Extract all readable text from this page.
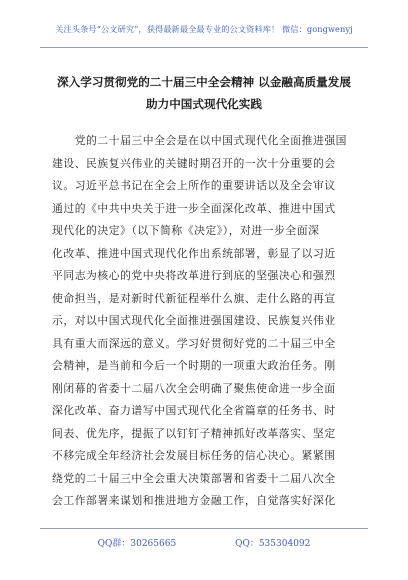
关注头条号“公文研究”，获得最新最全最专业的公文资料库！ 微信：gongwenyj
深入学习贯彻党的二十届三中全会精神 以金融高质量发展
助力中国式现代化实践
　　党的二十届三中全会是在以中国式现代化全面推进强国
建设、民族复兴伟业的关键时期召开的一次十分重要的会
议。习近平总书记在全会上所作的重要讲话以及全会审议
通过的《中共中央关于进一步全面深化改革、推进中国式
现代化的决定》（以下简称《决定》），对进一步全面深
化改革、推进中国式现代化作出系统部署，彰显了以习近
平同志为核心的党中央将改革进行到底的坚强决心和强烈
使命担当，是对新时代新征程举什么旗、走什么路的再宣
示，对以中国式现代化全面推进强国建设、民族复兴伟业
具有重大而深远的意义。学习好贯彻好党的二十届三中全
会精神，是当前和今后一个时期的一项重大政治任务。刚
刚闭幕的省委十二届八次全会明确了聚焦使命进一步全面
深化改革、奋力谱写中国式现代化全省篇章的任务书、时
间表、优先序，提振了以钉钉子精神抓好改革落实、坚定
不移完成全年经济社会发展目标任务的信心决心。紧紧围
绕党的二十届三中全会重大决策部署和省委十二届八次全
会工作部署来谋划和推进地方金融工作，自觉落实好深化
QQ群：30265665	QQ：535304092
